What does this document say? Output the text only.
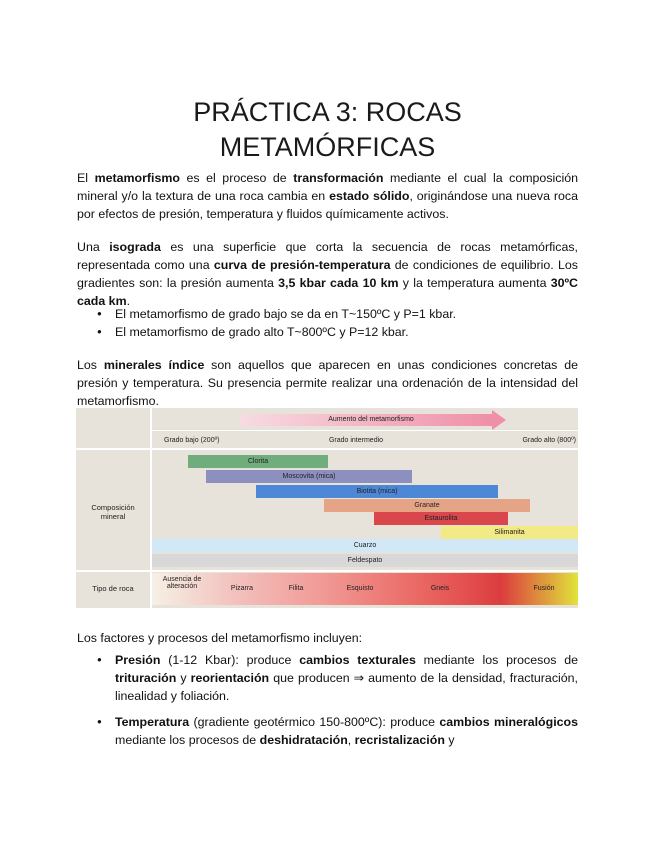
PRÁCTICA 3: ROCAS
METAMÓRFICAS
El metamorfismo es el proceso de transformación mediante el cual la composición mineral y/o la textura de una roca cambia en estado sólido, originándose una nueva roca por efectos de presión, temperatura y fluidos químicamente activos.
Una isograda es una superficie que corta la secuencia de rocas metamórficas, representada como una curva de presión-temperatura de condiciones de equilibrio. Los gradientes son: la presión aumenta 3,5 kbar cada 10 km y la temperatura aumenta 30ºC cada km.
● El metamorfismo de grado bajo se da en T~150ºC y P=1 kbar.
● El metamorfismo de grado alto T~800ºC y P=12 kbar.
Los minerales índice son aquellos que aparecen en unas condiciones concretas de presión y temperatura. Su presencia permite realizar una ordenación de la intensidad del metamorfismo.
Aumento del metamorfismo
Grado bajo (200º)	Grado intermedio	Grado alto (800º)
Composición mineral
Clorita
Moscovita (mica)
Biotita (mica)
Granate
Estaurolita
Silimanita
Cuarzo
Feldespato
Tipo de roca
Ausencia de alteración	Pizarra	Filita	Esquisto	Gneis	Fusión
Los factores y procesos del metamorfismo incluyen:
● Presión (1-12 Kbar): produce cambios texturales mediante los procesos de trituración y reorientación que producen ⇒ aumento de la densidad, fracturación, linealidad y foliación.
● Temperatura (gradiente geotérmico 150-800ºC): produce cambios mineralógicos mediante los procesos de deshidratación, recristalización y
